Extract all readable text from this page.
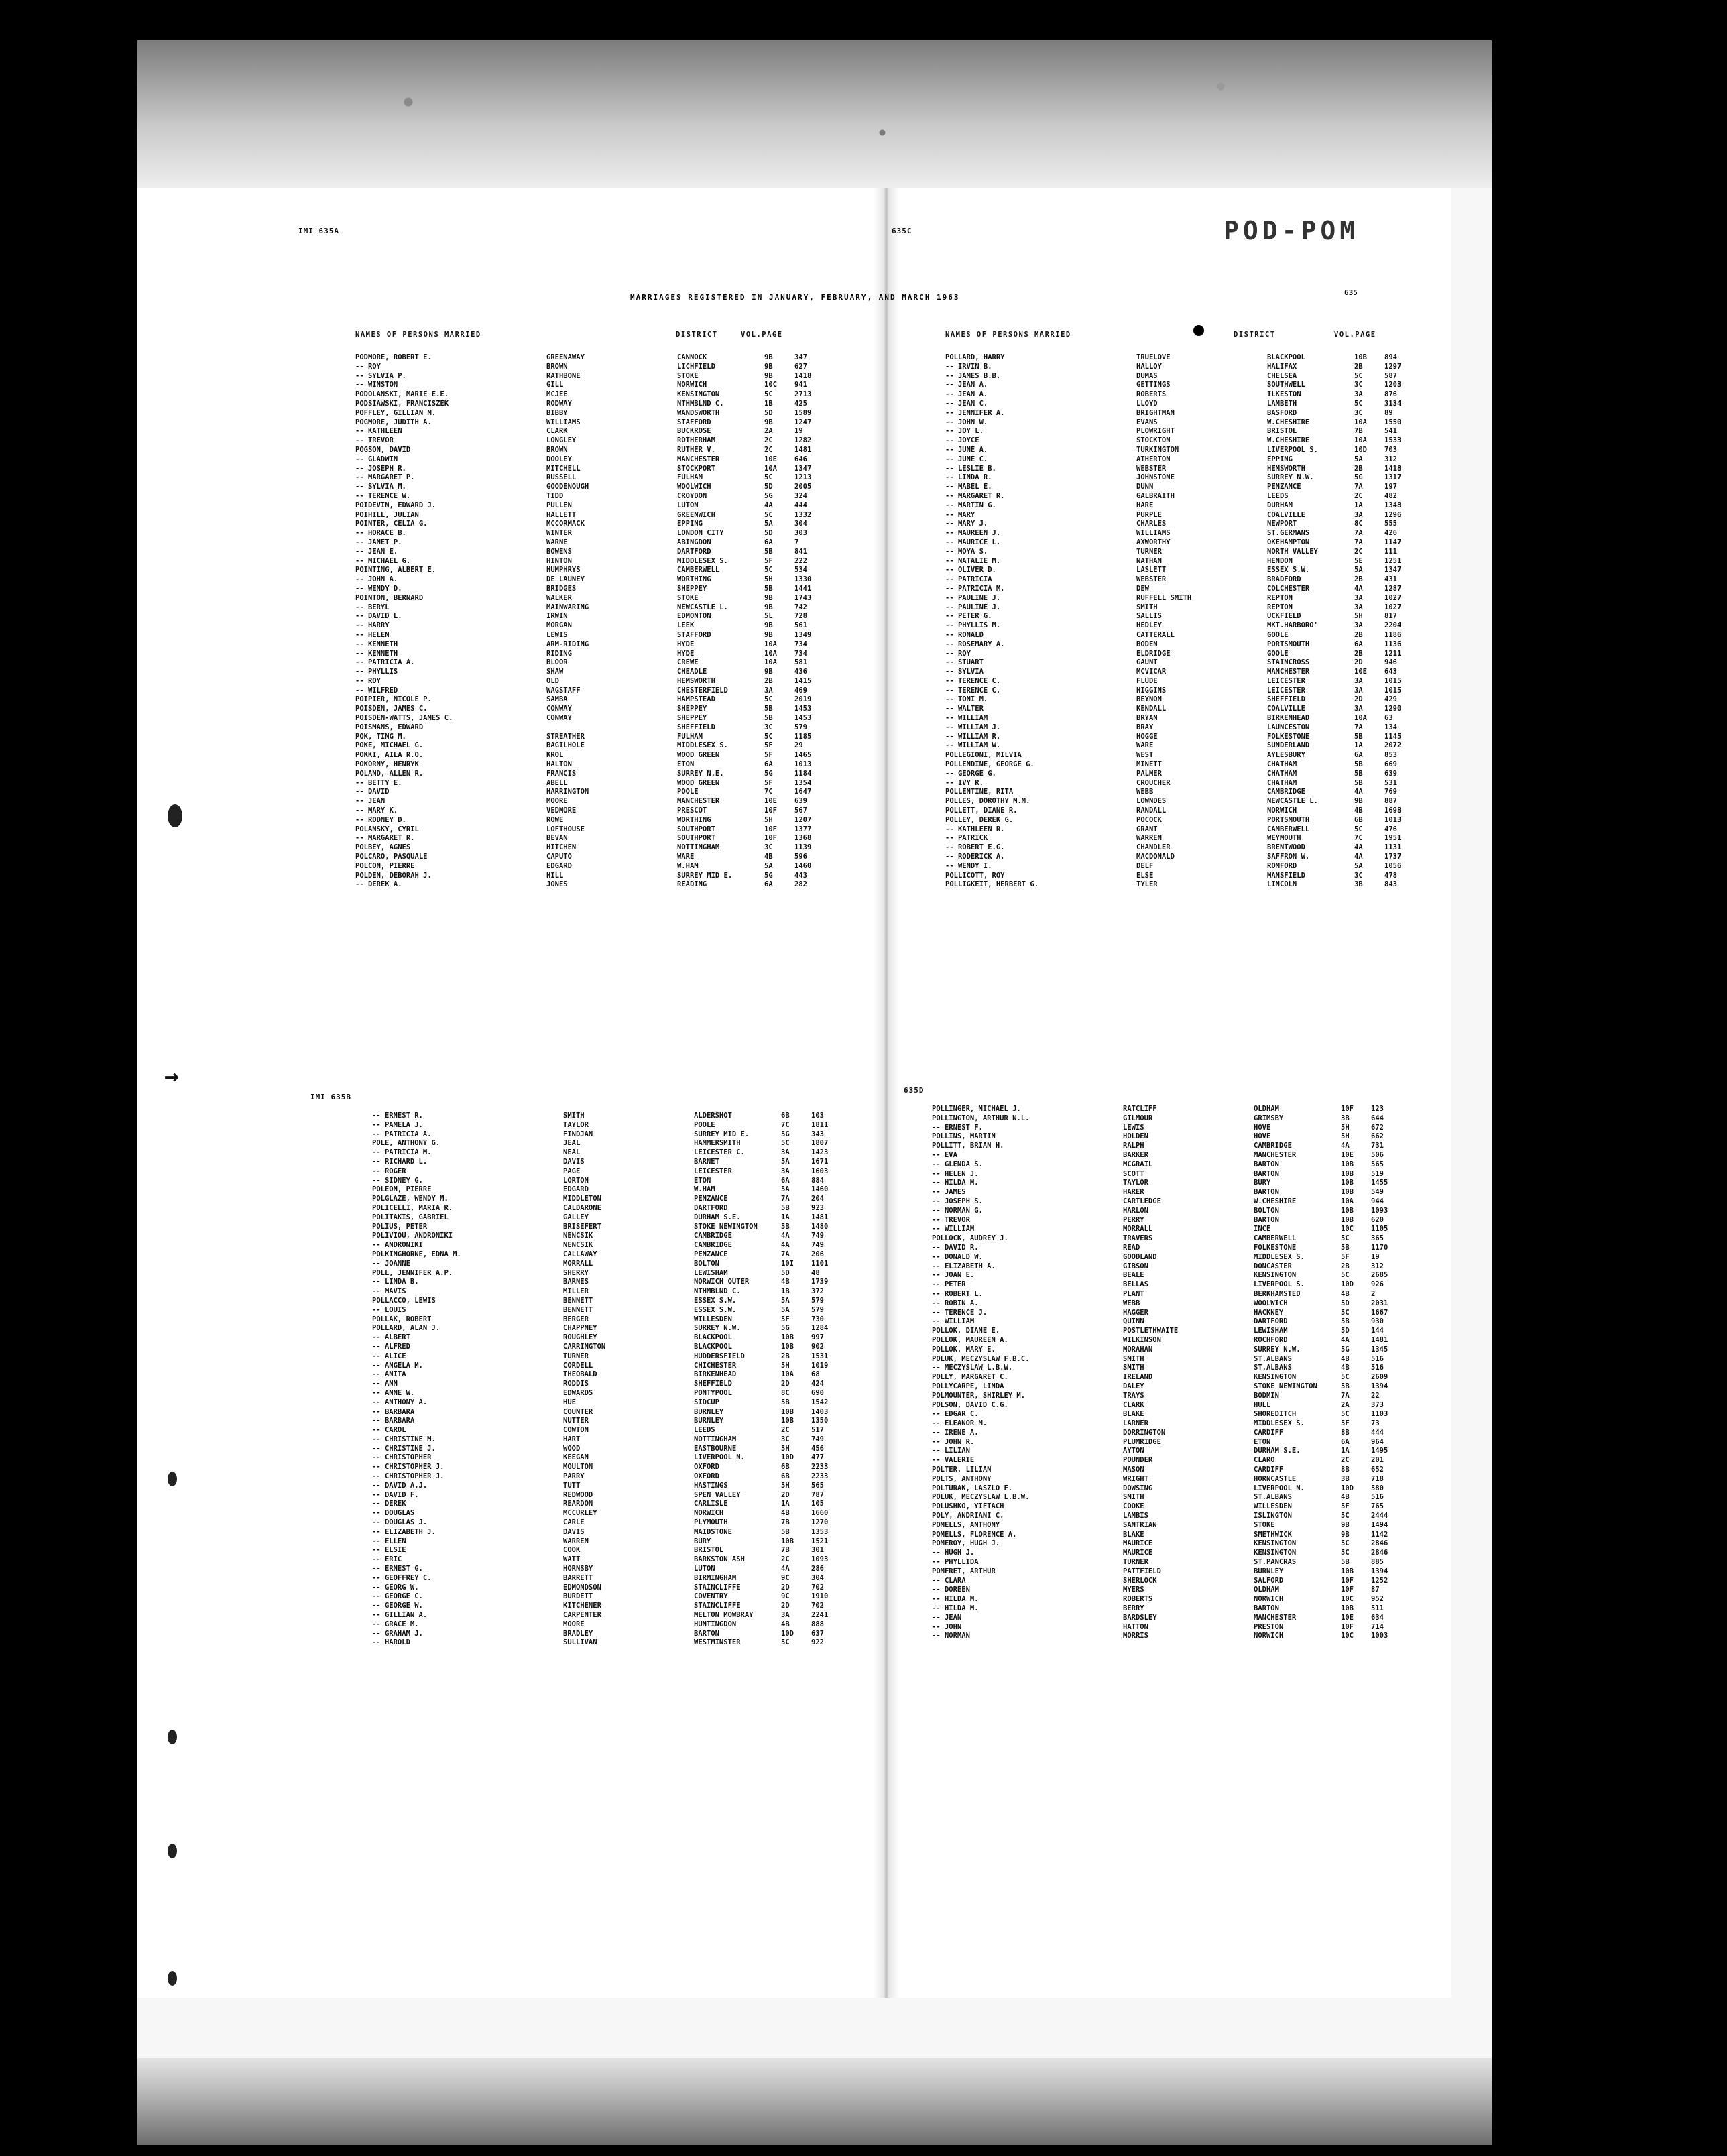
IMI 635A	635C	POD-POM
MARRIAGES REGISTERED IN JANUARY, FEBRUARY, AND MARCH 1963
635
NAMES OF PERSONS MARRIED	DISTRICT	VOL.PAGE	NAMES OF PERSONS MARRIED	DISTRICT	VOL.PAGE
PODMORE, ROBERT E.	GREENAWAY	CANNOCK	9B	347
-- ROY	BROWN	LICHFIELD	9B	627
-- SYLVIA P.	RATHBONE	STOKE	9B	1418
-- WINSTON	GILL	NORWICH	10C 941
PODOLANSKI, MARIE E.E.	MCJEE	KENSINGTON	5C	2713
PODSIAWSKI, FRANCISZEK	RODWAY	NTHMBLND C.	1B	425
POFFLEY, GILLIAN M.	BIBBY	WANDSWORTH	5D	1589
POGMORE, JUDITH A.	WILLIAMS	STAFFORD	9B	1247
-- KATHLEEN	CLARK	BUCKROSE	2A	19
-- TREVOR	LONGLEY	ROTHERHAM	2C	1282
POGSON, DAVID	BROWN	RUTHER V.	2C	1481
-- GLADWIN	DOOLEY	MANCHESTER	10E 646
-- JOSEPH R.	MITCHELL	STOCKPORT	10A 1347
-- MARGARET P.	RUSSELL	FULHAM	5C	1213
-- SYLVIA M.	GOODENOUGH	WOOLWICH	5D	2005
-- TERENCE W.	TIDD	CROYDON	5G	324
POIDEVIN, EDWARD J.	PULLEN	LUTON	4A	444
POIHILL, JULIAN	HALLETT	GREENWICH	5C	1332
POINTER, CELIA G.	MCCORMACK	EPPING	5A	304
-- HORACE B.	WINTER	LONDON CITY	5D	303
-- JANET P.	WARNE	ABINGDON	6A	7
-- JEAN E.	BOWENS	DARTFORD	5B	841
-- MICHAEL G.	HINTON	MIDDLESEX S.	5F	222
POINTING, ALBERT E.	HUMPHRYS	CAMBERWELL	5C	534
-- JOHN A.	DE LAUNEY	WORTHING	5H	1330
-- WENDY D.	BRIDGES	SHEPPEY	5B	1441
POINTON, BERNARD	WALKER	STOKE	9B	1743
-- BERYL	MAINWARING	NEWCASTLE L.	9B	742
-- DAVID L.	IRWIN	EDMONTON	5L	728
-- HARRY	MORGAN	LEEK	9B	561
-- HELEN	LEWIS	STAFFORD	9B	1349
-- KENNETH	ARM-RIDING	HYDE	10A 734
-- KENNETH	RIDING	HYDE	10A 734
-- PATRICIA A.	BLOOR	CREWE	10A 581
-- PHYLLIS	SHAW	CHEADLE	9B	436
-- ROY	OLD	HEMSWORTH	2B	1415
-- WILFRED	WAGSTAFF	CHESTERFIELD	3A	469
POIPIER, NICOLE P.	SAMBA	HAMPSTEAD	5C	2019
POISDEN, JAMES C.	CONWAY	SHEPPEY	5B	1453
POISDEN-WATTS, JAMES C.	CONWAY	SHEPPEY	5B	1453
POISMANS, EDWARD	SHEFFIELD	3C	579
POK, TING M.	STREATHER	FULHAM	5C	1185
POKE, MICHAEL G.	BAGILHOLE	MIDDLESEX S.	5F	29
POKKI, AILA R.O.	KROL	WOOD GREEN	5F	1465
POKORNY, HENRYK	HALTON	ETON	6A	1013
POLAND, ALLEN R.	FRANCIS	SURREY N.E.	5G	1184
-- BETTY E.	ABELL	WOOD GREEN	5F	1354
-- DAVID	HARRINGTON	POOLE	7C	1647
-- JEAN	MOORE	MANCHESTER	10E 639
-- MARY K.	VEDMORE	PRESCOT	10F 567
-- RODNEY D.	ROWE	WORTHING	5H	1207
POLANSKY, CYRIL	LOFTHOUSE	SOUTHPORT	10F 1377
-- MARGARET R.	BEVAN	SOUTHPORT	10F 1368
POLBEY, AGNES	HITCHEN	NOTTINGHAM	3C	1139
POLCARO, PASQUALE	CAPUTO	WARE	4B	596
POLCON, PIERRE	EDGARD	W.HAM	5A	1460
POLDEN, DEBORAH J.	HILL	SURREY MID E.	5G	443
-- DEREK A.	JONES	READING	6A	282
POLLARD, HARRY	TRUELOVE	BLACKPOOL	10B 894
-- IRVIN B.	HALLOY	HALIFAX	2B	1297
-- JAMES B.B.	DUMAS	CHELSEA	5C	587
-- JEAN A.	GETTINGS	SOUTHWELL	3C	1203
-- JEAN A.	ROBERTS	ILKESTON	3A	876
-- JEAN C.	LLOYD	LAMBETH	5C	3134
-- JENNIFER A.	BRIGHTMAN	BASFORD	3C	89
-- JOHN W.	EVANS	W.CHESHIRE	10A 1550
-- JOY L.	PLOWRIGHT	BRISTOL	7B	541
-- JOYCE	STOCKTON	W.CHESHIRE	10A 1533
-- JUNE A.	TURKINGTON	LIVERPOOL S.	10D 703
-- JUNE C.	ATHERTON	EPPING	5A	312
-- LESLIE B.	WEBSTER	HEMSWORTH	2B	1418
-- LINDA R.	JOHNSTONE	SURREY N.W.	5G	1317
-- MABEL E.	DUNN	PENZANCE	7A	197
-- MARGARET R.	GALBRAITH	LEEDS	2C	482
-- MARTIN G.	HARE	DURHAM	1A	1348
-- MARY	PURPLE	COALVILLE	3A	1296
-- MARY J.	CHARLES	NEWPORT	8C	555
-- MAUREEN J.	WILLIAMS	ST.GERMANS	7A	426
-- MAURICE L.	AXWORTHY	OKEHAMPTON	7A	1147
-- MOYA S.	TURNER	NORTH VALLEY	2C	111
-- NATALIE M.	NATHAN	HENDON	5E	1251
-- OLIVER D.	LASLETT	ESSEX S.W.	5A	1347
-- PATRICIA	WEBSTER	BRADFORD	2B	431
-- PATRICIA M.	DEW	COLCHESTER	4A	1287
-- PAULINE J.	RUFFELL SMITH	REPTON	3A	1027
-- PAULINE J.	SMITH	REPTON	3A	1027
-- PETER G.	SALLIS	UCKFIELD	5H	817
-- PHYLLIS M.	HEDLEY	MKT.HARBORO'	3A	2204
-- RONALD	CATTERALL	GOOLE	2B	1186
-- ROSEMARY A.	BODEN	PORTSMOUTH	6A	1136
-- ROY	ELDRIDGE	GOOLE	2B	1211
-- STUART	GAUNT	STAINCROSS	2D	946
-- SYLVIA	MCVICAR	MANCHESTER	10E 643
-- TERENCE C.	FLUDE	LEICESTER	3A	1015
-- TERENCE C.	HIGGINS	LEICESTER	3A	1015
-- TONI M.	BEYNON	SHEFFIELD	2D	429
-- WALTER	KENDALL	COALVILLE	3A	1290
-- WILLIAM	BRYAN	BIRKENHEAD	10A 63
-- WILLIAM J.	BRAY	LAUNCESTON	7A	134
-- WILLIAM R.	HOGGE	FOLKESTONE	5B	1145
-- WILLIAM W.	WARE	SUNDERLAND	1A	2072
POLLEGIONI, MILVIA	WEST	AYLESBURY	6A	853
POLLENDINE, GEORGE G.	MINETT	CHATHAM	5B	669
-- GEORGE G.	PALMER	CHATHAM	5B	639
-- IVY R.	CROUCHER	CHATHAM	5B	531
POLLENTINE, RITA	WEBB	CAMBRIDGE	4A	769
POLLES, DOROTHY M.M.	LOWNDES	NEWCASTLE L.	9B	887
POLLETT, DIANE R.	RANDALL	NORWICH	4B	1698
POLLEY, DEREK G.	POCOCK	PORTSMOUTH	6B	1013
-- KATHLEEN R.	GRANT	CAMBERWELL	5C	476
-- PATRICK	WARREN	WEYMOUTH	7C	1951
-- ROBERT E.G.	CHANDLER	BRENTWOOD	4A	1131
-- RODERICK A.	MACDONALD	SAFFRON W.	4A	1737
-- WENDY I.	DELF	ROMFORD	5A	1056
POLLICOTT, ROY	ELSE	MANSFIELD	3C	478
POLLIGKEIT, HERBERT G.	TYLER	LINCOLN	3B	843
IMI 635B
635D
-- ERNEST R.	SMITH	ALDERSHOT	6B	103
-- PAMELA J.	TAYLOR	POOLE	7C	1811
-- PATRICIA A.	FINDJAN	SURREY MID E.	5G	343
POLE, ANTHONY G.	JEAL	HAMMERSMITH	5C	1807
-- PATRICIA M.	NEAL	LEICESTER C.	3A	1423
-- RICHARD L.	DAVIS	BARNET	5A	1671
-- ROGER	PAGE	LEICESTER	3A	1603
-- SIDNEY G.	LORTON	ETON	6A	884
POLEON, PIERRE	EDGARD	W.HAM	5A	1460
POLGLAZE, WENDY M.	MIDDLETON	PENZANCE	7A	204
POLICELLI, MARIA R.	CALDARONE	DARTFORD	5B	923
POLITAKIS, GABRIEL	GALLEY	DURHAM S.E.	1A	1481
POLIUS, PETER	BRISEFERT	STOKE NEWINGTON	5B	1480
POLIVIOU, ANDRONIKI	NENCSIK	CAMBRIDGE	4A	749
-- ANDRONIKI	NENCSIK	CAMBRIDGE	4A	749
POLKINGHORNE, EDNA M.	CALLAWAY	PENZANCE	7A	206
-- JOANNE	MORRALL	BOLTON	10I 1101
POLL, JENNIFER A.P.	SHERRY	LEWISHAM	5D	48
-- LINDA B.	BARNES	NORWICH OUTER	4B	1739
-- MAVIS	MILLER	NTHMBLND C.	1B	372
POLLACCO, LEWIS	BENNETT	ESSEX S.W.	5A	579
-- LOUIS	BENNETT	ESSEX S.W.	5A	579
POLLAK, ROBERT	BERGER	WILLESDEN	5F	730
POLLARD, ALAN J.	CHAPPNEY	SURREY N.W.	5G	1284
-- ALBERT	ROUGHLEY	BLACKPOOL	10B 997
-- ALFRED	CARRINGTON	BLACKPOOL	10B 902
-- ALICE	TURNER	HUDDERSFIELD	2B	1531
-- ANGELA M.	CORDELL	CHICHESTER	5H	1019
-- ANITA	THEOBALD	BIRKENHEAD	10A 68
-- ANN	RODDIS	SHEFFIELD	2D	424
-- ANNE W.	EDWARDS	PONTYPOOL	8C	690
-- ANTHONY A.	HUE	SIDCUP	5B	1542
-- BARBARA	COUNTER	BURNLEY	10B 1403
-- BARBARA	NUTTER	BURNLEY	10B 1350
-- CAROL	COWTON	LEEDS	2C	517
-- CHRISTINE M.	HART	NOTTINGHAM	3C	749
-- CHRISTINE J.	WOOD	EASTBOURNE	5H	456
-- CHRISTOPHER	KEEGAN	LIVERPOOL N.	10D 477
-- CHRISTOPHER J.	MOULTON	OXFORD	6B	2233
-- CHRISTOPHER J.	PARRY	OXFORD	6B	2233
-- DAVID A.J.	TUTT	HASTINGS	5H	565
-- DAVID F.	REDWOOD	SPEN VALLEY	2D	787
-- DEREK	REARDON	CARLISLE	1A	105
-- DOUGLAS	MCCURLEY	NORWICH	4B	1660
-- DOUGLAS J.	CARLE	PLYMOUTH	7B	1270
-- ELIZABETH J.	DAVIS	MAIDSTONE	5B	1353
-- ELLEN	WARREN	BURY	10B 1521
-- ELSIE	COOK	BRISTOL	7B	301
-- ERIC	WATT	BARKSTON ASH	2C	1093
-- ERNEST G.	HORNSBY	LUTON	4A	286
-- GEOFFREY C.	BARRETT	BIRMINGHAM	9C	304
-- GEORG W.	EDMONDSON	STAINCLIFFE	2D	702
-- GEORGE C.	BURDETT	COVENTRY	9C	1910
-- GEORGE W.	KITCHENER	STAINCLIFFE	2D	702
-- GILLIAN A.	CARPENTER	MELTON MOWBRAY	3A	2241
-- GRACE M.	MOORE	HUNTINGDON	4B	888
-- GRAHAM J.	BRADLEY	BARTON	10D 637
-- HAROLD	SULLIVAN	WESTMINSTER	5C	922
POLLINGER, MICHAEL J.	RATCLIFF	OLDHAM	10F 123
POLLINGTON, ARTHUR N.L.	GILMOUR	GRIMSBY	3B	644
-- ERNEST F.	LEWIS	HOVE	5H	672
POLLINS, MARTIN	HOLDEN	HOVE	5H	662
POLLITT, BRIAN H.	RALPH	CAMBRIDGE	4A	731
-- EVA	BARKER	MANCHESTER	10E 506
-- GLENDA S.	MCGRAIL	BARTON	10B 565
-- HELEN J.	SCOTT	BARTON	10B 519
-- HILDA M.	TAYLOR	BURY	10B 1455
-- JAMES	HARER	BARTON	10B 549
-- JOSEPH S.	CARTLEDGE	W.CHESHIRE	10A 944
-- NORMAN G.	HARLON	BOLTON	10B 1093
-- TREVOR	PERRY	BARTON	10B 620
-- WILLIAM	MORRALL	INCE	10C 1105
POLLOCK, AUDREY J.	TRAVERS	CAMBERWELL	5C	365
-- DAVID R.	READ	FOLKESTONE	5B	1170
-- DONALD W.	GOODLAND	MIDDLESEX S.	5F	19
-- ELIZABETH A.	GIBSON	DONCASTER	2B	312
-- JOAN E.	BEALE	KENSINGTON	5C	2685
-- PETER	BELLAS	LIVERPOOL S.	10D 926
-- ROBERT L.	PLANT	BERKHAMSTED	4B	2
-- ROBIN A.	WEBB	WOOLWICH	5D	2031
-- TERENCE J.	HAGGER	HACKNEY	5C	1667
-- WILLIAM	QUINN	DARTFORD	5B	930
POLLOK, DIANE E.	POSTLETHWAITE	LEWISHAM	5D	144
POLLOK, MAUREEN A.	WILKINSON	ROCHFORD	4A	1481
POLLOK, MARY E.	MORAHAN	SURREY N.W.	5G	1345
POLUK, MECZYSLAW F.B.C.	SMITH	ST.ALBANS	4B	516
-- MECZYSLAW L.B.W.	SMITH	ST.ALBANS	4B	516
POLLY, MARGARET C.	IRELAND	KENSINGTON	5C	2609
POLLYCARPE, LINDA	DALEY	STOKE NEWINGTON	5B	1394
POLMOUNTER, SHIRLEY M.	TRAYS	BODMIN	7A	22
POLSON, DAVID C.G.	CLARK	HULL	2A	373
-- EDGAR C.	BLAKE	SHOREDITCH	5C	1103
-- ELEANOR M.	LARNER	MIDDLESEX S.	5F	73
-- IRENE A.	DORRINGTON	CARDIFF	8B	444
-- JOHN R.	PLUMRIDGE	ETON	6A	964
-- LILIAN	AYTON	DURHAM S.E.	1A	1495
-- VALERIE	POUNDER	CLARO	2C	201
POLTER, LILIAN	MASON	CARDIFF	8B	652
POLTS, ANTHONY	WRIGHT	HORNCASTLE	3B	718
POLTURAK, LASZLO F.	DOWSING	LIVERPOOL N.	10D 580
POLUK, MECZYSLAW L.B.W.	SMITH	ST.ALBANS	4B	516
POLUSHKO, YIFTACH	COOKE	WILLESDEN	5F	765
POLY, ANDRIANI C.	LAMBIS	ISLINGTON	5C	2444
POMELLS, ANTHONY	SANTRIAN	STOKE	9B	1494
POMELLS, FLORENCE A.	BLAKE	SMETHWICK	9B	1142
POMEROY, HUGH J.	MAURICE	KENSINGTON	5C	2846
-- HUGH J.	MAURICE	KENSINGTON	5C	2846
-- PHYLLIDA	TURNER	ST.PANCRAS	5B	885
POMFRET, ARTHUR	PATTFIELD	BURNLEY	10B 1394
-- CLARA	SHERLOCK	SALFORD	10F 1252
-- DOREEN	MYERS	OLDHAM	10F 87
-- HILDA M.	ROBERTS	NORWICH	10C 952
-- HILDA M.	BERRY	BARTON	10B 511
-- JEAN	BARDSLEY	MANCHESTER	10E 634
-- JOHN	HATTON	PRESTON	10F 714
-- NORMAN	MORRIS	NORWICH	10C 1003
→
